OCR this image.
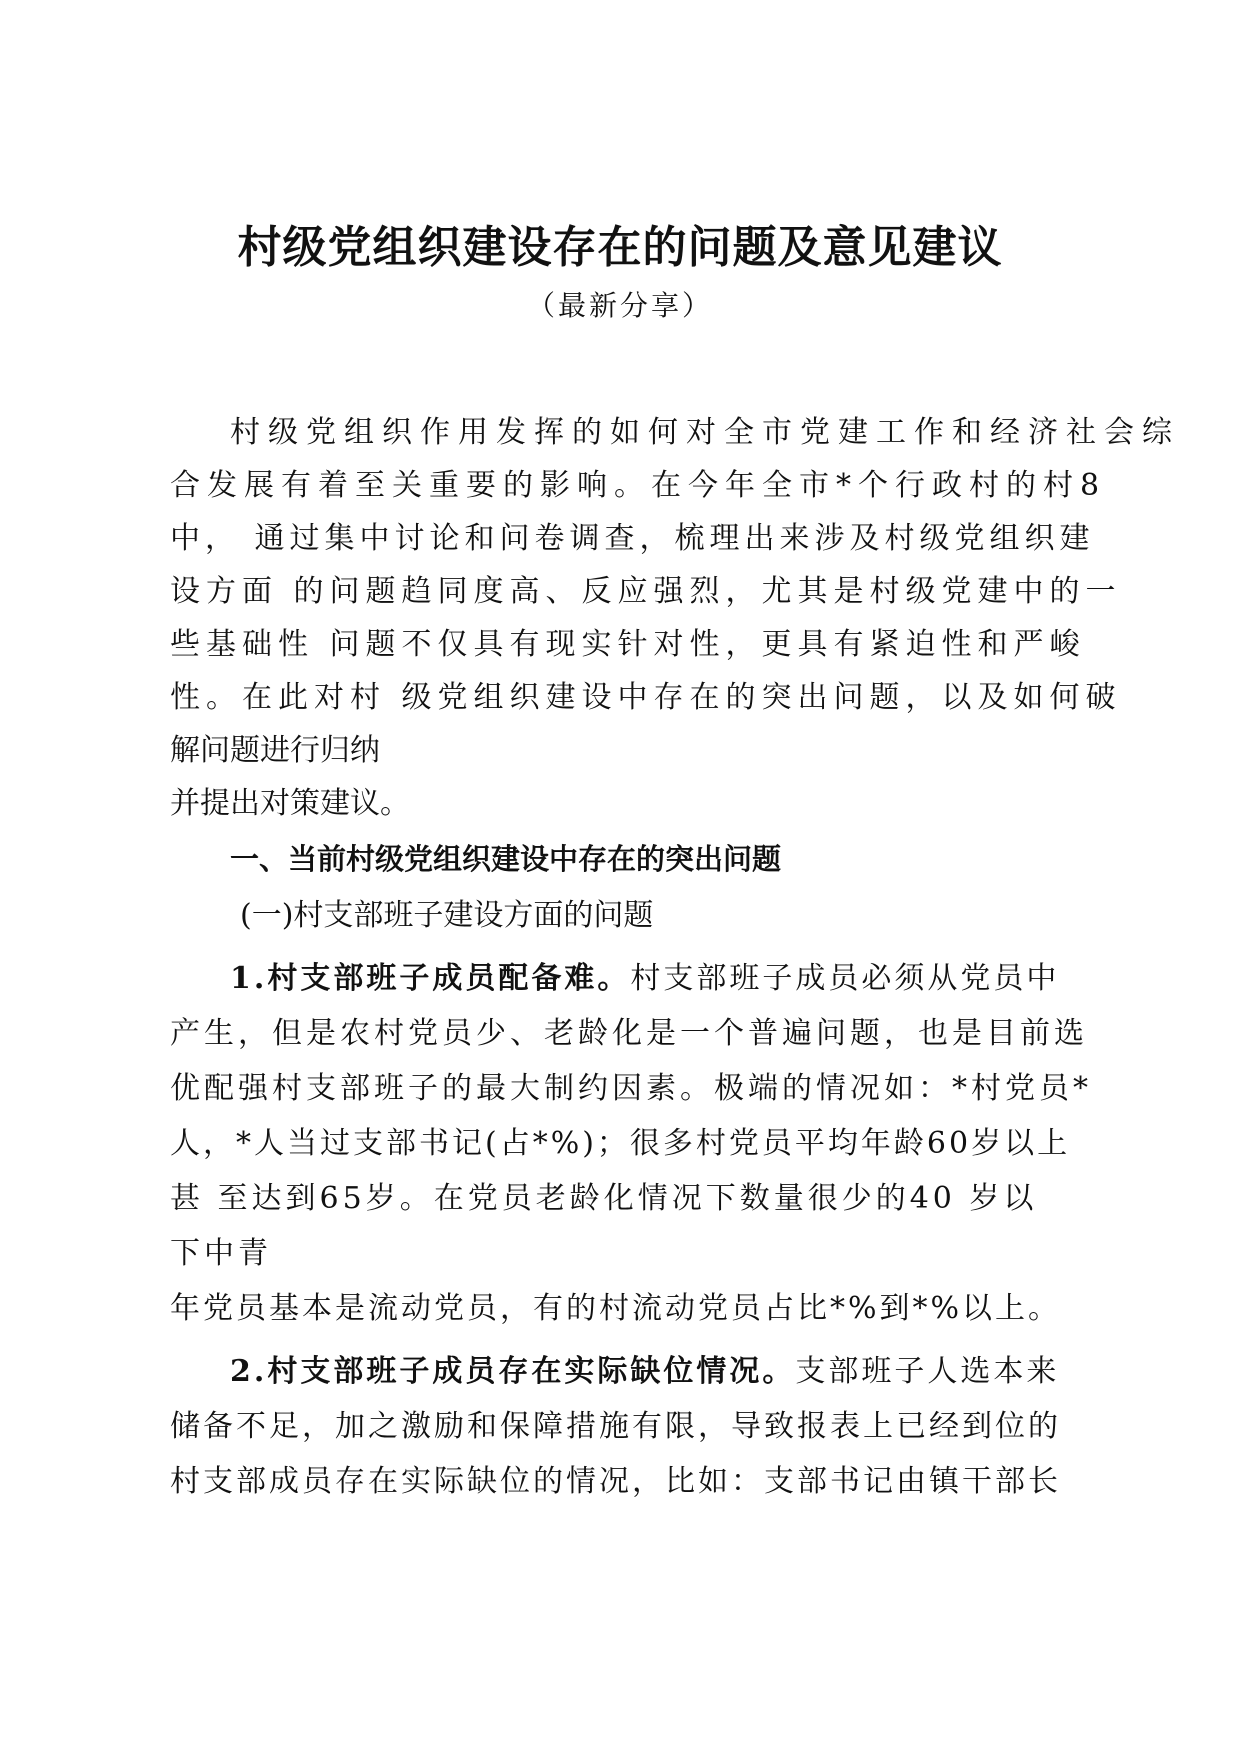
村级党组织建设存在的问题及意见建议

（最新分享）

村级党组织作用发挥的如何对全市党建工作和经济社会综

合发展有着至关重要的影响。在今年全市*个行政村的村8

中， 通过集中讨论和问卷调查，梳理出来涉及村级党组织建

设方面 的问题趋同度高、反应强烈，尤其是村级党建中的一

些基础性 问题不仅具有现实针对性，更具有紧迫性和严峻

性。在此对村 级党组织建设中存在的突出问题，以及如何破

解问题进行归纳

并提出对策建议。

一、当前村级党组织建设中存在的突出问题

(一)村支部班子建设方面的问题

1.村支部班子成员配备难。村支部班子成员必须从党员中

产生，但是农村党员少、老龄化是一个普遍问题，也是目前选

优配强村支部班子的最大制约因素。极端的情况如：*村党员*

人，*人当过支部书记(占*%)；很多村党员平均年龄60岁以上

甚 至达到65岁。在党员老龄化情况下数量很少的40 岁以

下中青

年党员基本是流动党员，有的村流动党员占比*%到*%以上。

2.村支部班子成员存在实际缺位情况。支部班子人选本来

储备不足，加之激励和保障措施有限，导致报表上已经到位的

村支部成员存在实际缺位的情况，比如：支部书记由镇干部长
